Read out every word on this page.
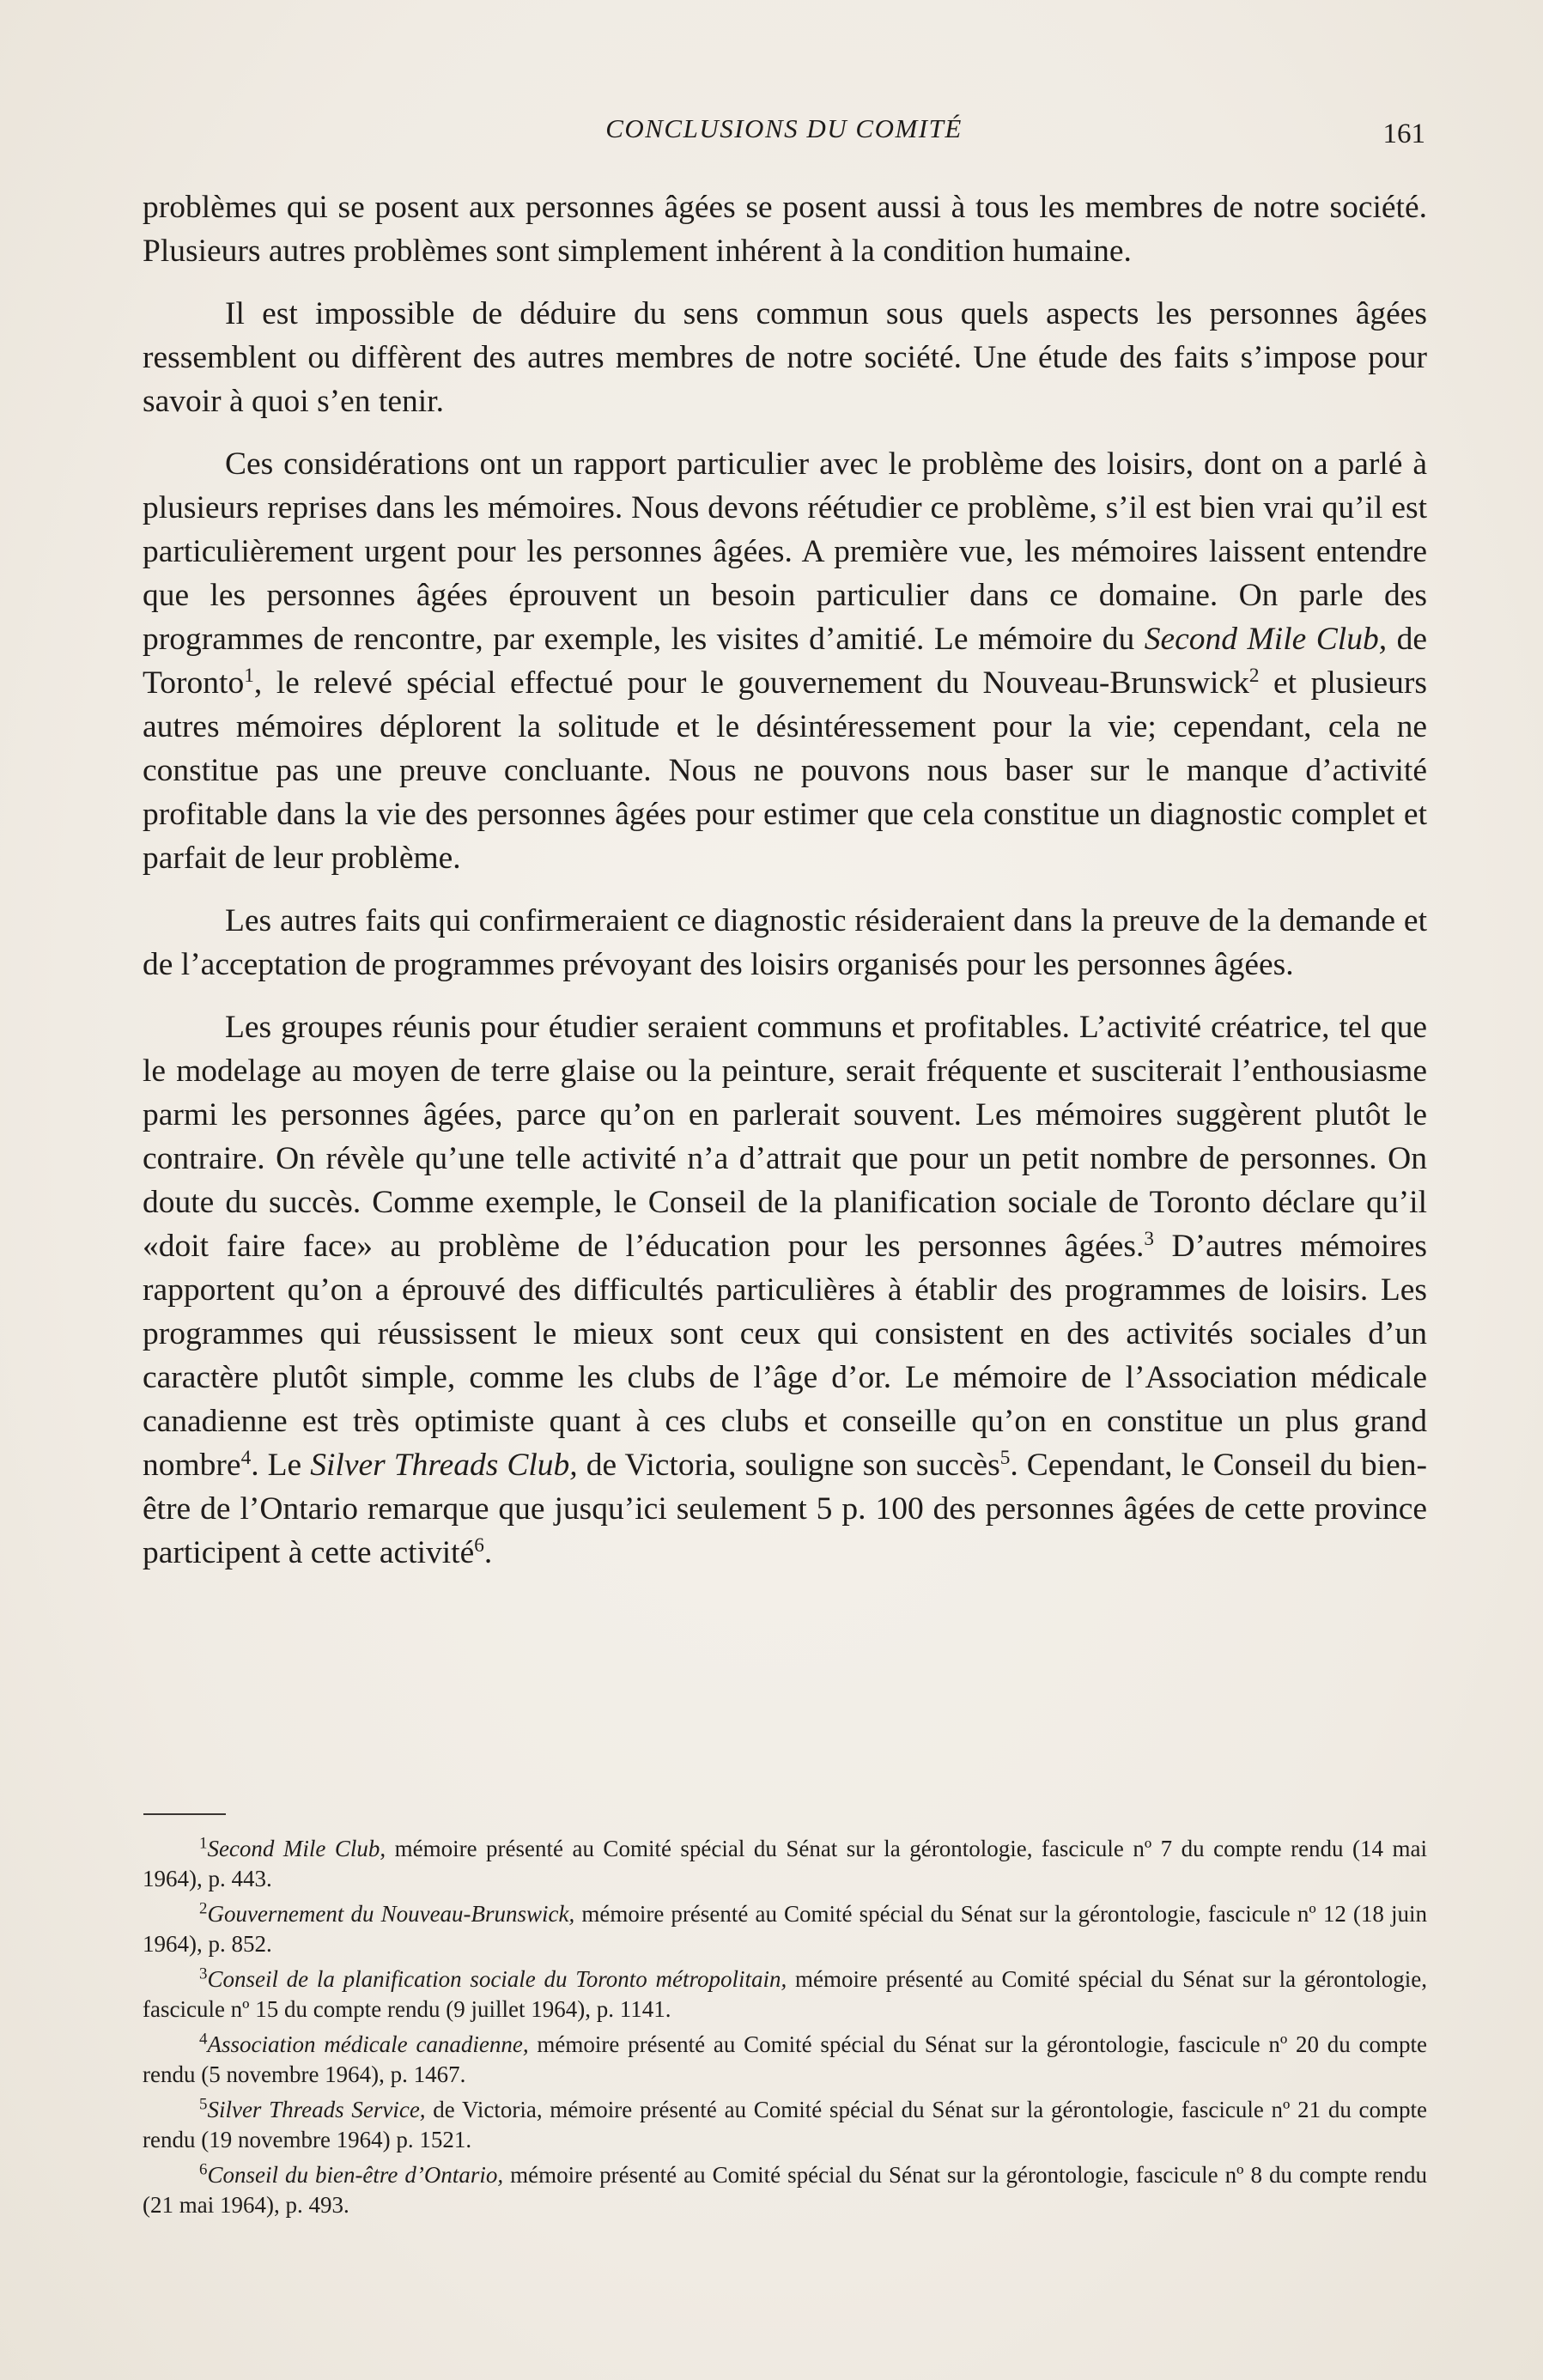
CONCLUSIONS DU COMITÉ	161

problèmes qui se posent aux personnes âgées se posent aussi à tous les membres de notre société. Plusieurs autres problèmes sont simplement inhérent à la condition humaine.

Il est impossible de déduire du sens commun sous quels aspects les personnes âgées ressemblent ou diffèrent des autres membres de notre société. Une étude des faits s’impose pour savoir à quoi s’en tenir.

Ces considérations ont un rapport particulier avec le problème des loisirs, dont on a parlé à plusieurs reprises dans les mémoires. Nous devons réétudier ce problème, s’il est bien vrai qu’il est particulièrement urgent pour les personnes âgées. A première vue, les mémoires laissent entendre que les personnes âgées éprouvent un besoin particulier dans ce domaine. On parle des programmes de rencontre, par exemple, les visites d’amitié. Le mémoire du Second Mile Club, de Toronto$^1$, le relevé spécial effectué pour le gouvernement du Nouveau-Brunswick$^2$ et plusieurs autres mémoires déplorent la solitude et le désintéressement pour la vie; cependant, cela ne constitue pas une preuve concluante. Nous ne pouvons nous baser sur le manque d’activité profitable dans la vie des personnes âgées pour estimer que cela constitue un diagnostic complet et parfait de leur problème.

Les autres faits qui confirmeraient ce diagnostic résideraient dans la preuve de la demande et de l’acceptation de programmes prévoyant des loisirs organisés pour les personnes âgées.

Les groupes réunis pour étudier seraient communs et profitables. L’activité créatrice, tel que le modelage au moyen de terre glaise ou la peinture, serait fréquente et susciterait l’enthousiasme parmi les personnes âgées, parce qu’on en parlerait souvent. Les mémoires suggèrent plutôt le contraire. On révèle qu’une telle activité n’a d’attrait que pour un petit nombre de personnes. On doute du succès. Comme exemple, le Conseil de la planification sociale de Toronto déclare qu’il «doit faire face» au problème de l’éducation pour les personnes âgées.$^3$ D’autres mémoires rapportent qu’on a éprouvé des difficultés particulières à établir des programmes de loisirs. Les programmes qui réussissent le mieux sont ceux qui consistent en des activités sociales d’un caractère plutôt simple, comme les clubs de l’âge d’or. Le mémoire de l’Association médicale canadienne est très optimiste quant à ces clubs et conseille qu’on en constitue un plus grand nombre$^4$. Le Silver Threads Club, de Victoria, souligne son succès$^5$. Cependant, le Conseil du bien-être de l’Ontario remarque que jusqu’ici seulement 5 p. 100 des personnes âgées de cette province participent à cette activité$^6$.

$^1$Second Mile Club, mémoire présenté au Comité spécial du Sénat sur la gérontologie, fascicule nº 7 du compte rendu (14 mai 1964), p. 443.

$^2$Gouvernement du Nouveau-Brunswick, mémoire présenté au Comité spécial du Sénat sur la gérontologie, fascicule nº 12 (18 juin 1964), p. 852.

$^3$Conseil de la planification sociale du Toronto métropolitain, mémoire présenté au Comité spécial du Sénat sur la gérontologie, fascicule nº 15 du compte rendu (9 juillet 1964), p. 1141.

$^4$Association médicale canadienne, mémoire présenté au Comité spécial du Sénat sur la gérontologie, fascicule nº 20 du compte rendu (5 novembre 1964), p. 1467.

$^5$Silver Threads Service, de Victoria, mémoire présenté au Comité spécial du Sénat sur la gérontologie, fascicule nº 21 du compte rendu (19 novembre 1964) p. 1521.

$^6$Conseil du bien-être d’Ontario, mémoire présenté au Comité spécial du Sénat sur la gérontologie, fascicule nº 8 du compte rendu (21 mai 1964), p. 493.
